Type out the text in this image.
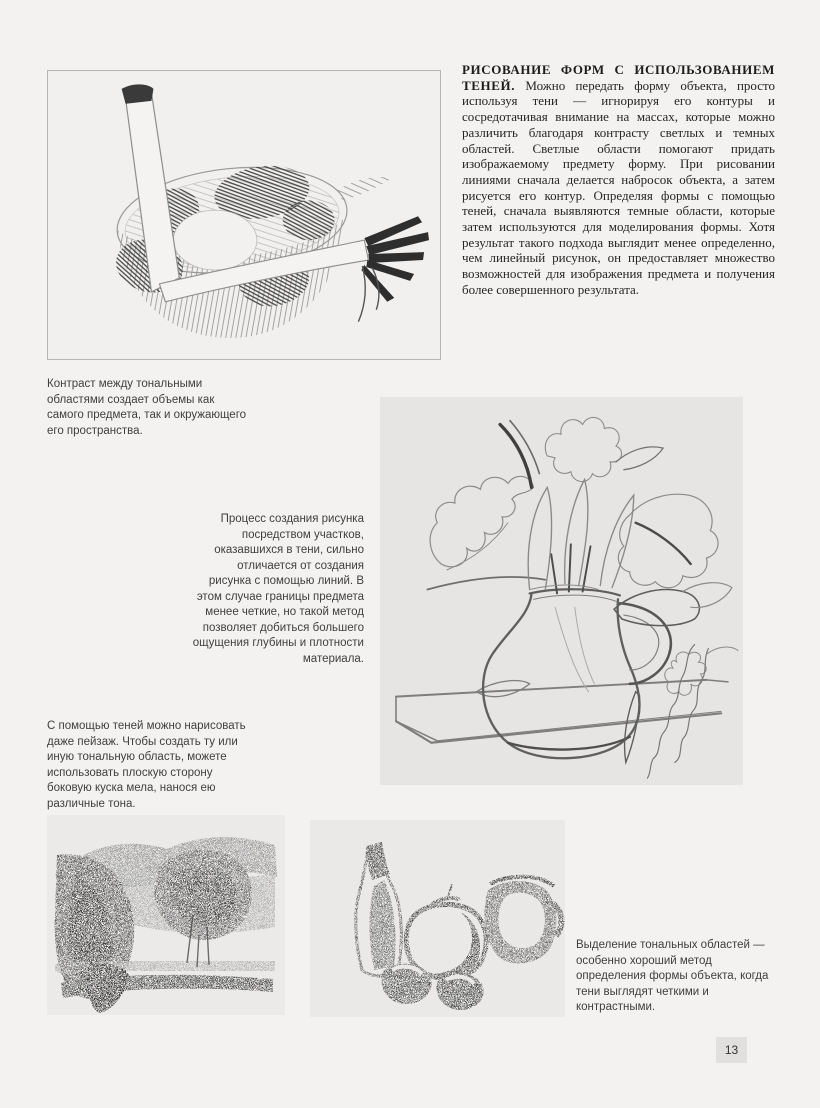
РИСОВАНИЕ ФОРМ С ИСПОЛЬЗОВАНИЕМ ТЕНЕЙ. Можно передать форму объекта, просто используя тени — игнорируя его контуры и сосредотачивая внимание на массах, которые можно различить благодаря контрасту светлых и темных областей. Светлые области помогают придать изображаемому предмету форму. При рисовании линиями сначала делается набросок объекта, а затем рисуется его контур. Определяя формы с помощью теней, сначала выявляются темные области, которые затем используются для моделирования формы. Хотя результат такого подхода выглядит менее определенно, чем линейный рисунок, он предоставляет множество возможностей для изображения предмета и получения более совершенного результата.

Контраст между тональными областями создает объемы как самого предмета, так и окружающего его пространства.
Процесс создания рисунка посредством участков, оказавшихся в тени, сильно отличается от создания рисунка с помощью линий. В этом случае границы предмета менее четкие, но такой метод позволяет добиться большего ощущения глубины и плотности материала.
С помощью теней можно нарисовать даже пейзаж. Чтобы создать ту или иную тональную область, можете использовать плоскую сторону боковую куска мела, нанося ею различные тона.
Выделение тональных областей — особенно хороший метод определения формы объекта, когда тени выглядят четкими и контрастными.
13
